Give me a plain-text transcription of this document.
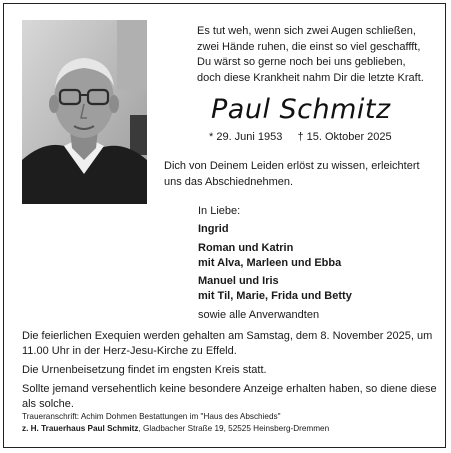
Es tut weh, wenn sich zwei Augen schließen,
zwei Hände ruhen, die einst so viel geschaffft,
Du wärst so gerne noch bei uns geblieben,
doch diese Krankheit nahm Dir die letzte Kraft.
Paul Schmitz
* 29. Juni 1953 † 15. Oktober 2025
Dich von Deinem Leiden erlöst zu wissen, erleichtert uns das Abschiednehmen.
In Liebe:
Ingrid
Roman und Katrin
mit Alva, Marleen und Ebba
Manuel und Iris
mit Til, Marie, Frida und Betty
sowie alle Anverwandten

Die feierlichen Exequien werden gehalten am Samstag, dem 8. November 2025, um 11.00 Uhr in der Herz-Jesu-Kirche zu Effeld.

Die Urnenbeisetzung findet im engsten Kreis statt.

Sollte jemand versehentlich keine besondere Anzeige erhalten haben, so diene diese als solche.

Traueranschrift: Achim Dohmen Bestattungen im "Haus des Abschieds"
z. H. Trauerhaus Paul Schmitz, Gladbacher Straße 19, 52525 Heinsberg-Dremmen
